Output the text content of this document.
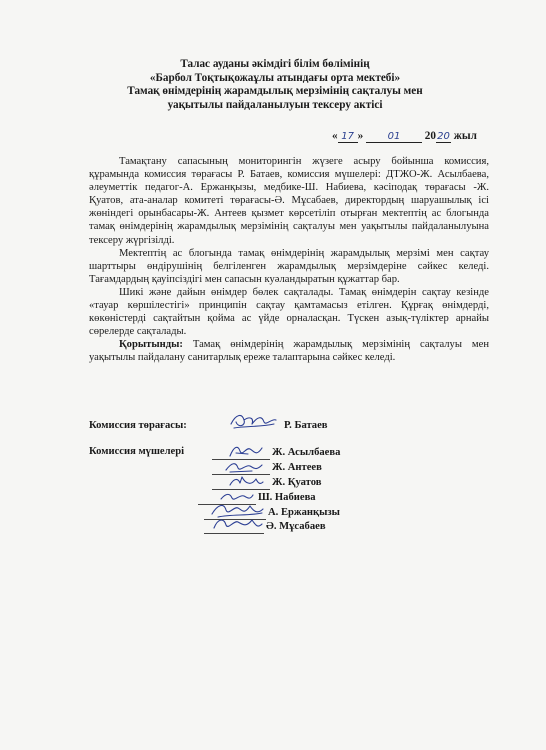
Талас ауданы әкімдігі білім бөлімінің
«Барбол Тоқтықожаұлы атындағы орта мектебі»
Тамақ өнімдерінің жарамдылық мерзімінің сақталуы мен
уақытылы пайдаланылуын тексеру актісі
« 17 » 01 2020 жыл

Тамақтану сапасының мониторингін жүзеге асыру бойынша комиссия, құрамында комиссия төрағасы Р. Батаев, комиссия мүшелері: ДТЖО-Ж. Асылбаева, әлеуметтік педагог-А. Ержанқызы, медбике-Ш. Набиева, кәсіподақ төрағасы -Ж. Қуатов, ата-аналар комитеті төрағасы-Ә. Мұсабаев, директордың шаруашылық ісі жөніндегі орынбасары-Ж. Антеев қызмет көрсетіліп отырған мектептің ас блогында тамақ өнімдерінің жарамдылық мерзімінің сақталуы мен уақытылы пайдаланылуына тексеру жүргізілді.

Мектептің ас блогында тамақ өнімдерінің жарамдылық мерзімі мен сақтау шарттыры өндірушінің белгіленген жарамдылық мерзімдеріне сәйкес келеді. Тағамдардың қауіпсіздігі мен сапасын куәландыратын құжаттар бар.

Шикі және дайын өнімдер бөлек сақталады. Тамақ өнімдерін сақтау кезінде «тауар көршілестігі» принципін сақтау қамтамасыз етілген. Құрғақ өнімдерді, көкөністерді сақтайтын қойма ас үйде орналасқан. Түскен азық-түліктер арнайы сөрелерде сақталады.

Қорытынды: Тамақ өнімдерінің жарамдылық мерзімінің сақталуы мен уақытылы пайдалану санитарлық ереже талаптарына сәйкес келеді.

Комиссия төрағасы:	Р. Батаев
Комиссия мүшелері	Ж. Асылбаева
Ж. Антеев
Ж. Қуатов
Ш. Набиева
А. Ержанқызы
Ә. Мұсабаев
